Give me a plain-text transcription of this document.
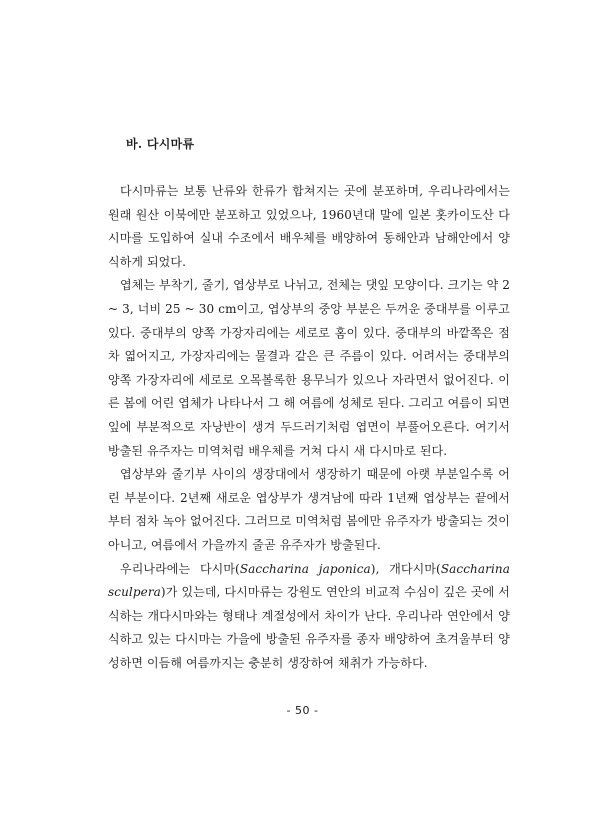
바. 다시마류

다시마류는 보통 난류와 한류가 합쳐지는 곳에 분포하며, 우리나라에서는 원래 원산 이북에만 분포하고 있었으나, 1960년대 말에 일본 홋카이도산 다시마를 도입하여 실내 수조에서 배우체를 배양하여 동해안과 남해안에서 양식하게 되었다.

엽체는 부착기, 줄기, 엽상부로 나뉘고, 전체는 댓잎 모양이다. 크기는 약 2 ~ 3, 너비 25 ~ 30 cm이고, 엽상부의 중앙 부분은 두꺼운 중대부를 이루고 있다. 중대부의 양쪽 가장자리에는 세로로 홈이 있다. 중대부의 바깥쪽은 점차 엷어지고, 가장자리에는 물결과 같은 큰 주름이 있다. 어려서는 중대부의 양쪽 가장자리에 세로로 오목볼록한 용무늬가 있으나 자라면서 없어진다. 이른 봄에 어린 엽체가 나타나서 그 해 여름에 성체로 된다. 그리고 여름이 되면 잎에 부분적으로 자낭반이 생겨 두드러기처럼 엽면이 부풀어오른다. 여기서 방출된 유주자는 미역처럼 배우체를 거쳐 다시 새 다시마로 된다.

엽상부와 줄기부 사이의 생장대에서 생장하기 때문에 아랫 부분일수록 어린 부분이다. 2년째 새로운 엽상부가 생겨남에 따라 1년째 엽상부는 끝에서부터 점차 녹아 없어진다. 그러므로 미역처럼 봄에만 유주자가 방출되는 것이 아니고, 여름에서 가을까지 줄곧 유주자가 방출된다.

우리나라에는 다시마(Saccharina japonica), 개다시마(Saccharina sculpera)가 있는데, 다시마류는 강원도 연안의 비교적 수심이 깊은 곳에 서식하는 개다시마와는 형태나 계절성에서 차이가 난다. 우리나라 연안에서 양식하고 있는 다시마는 가을에 방출된 유주자를 종자 배양하여 초겨울부터 양성하면 이듬해 여름까지는 충분히 생장하여 채취가 가능하다.

- 50 -
